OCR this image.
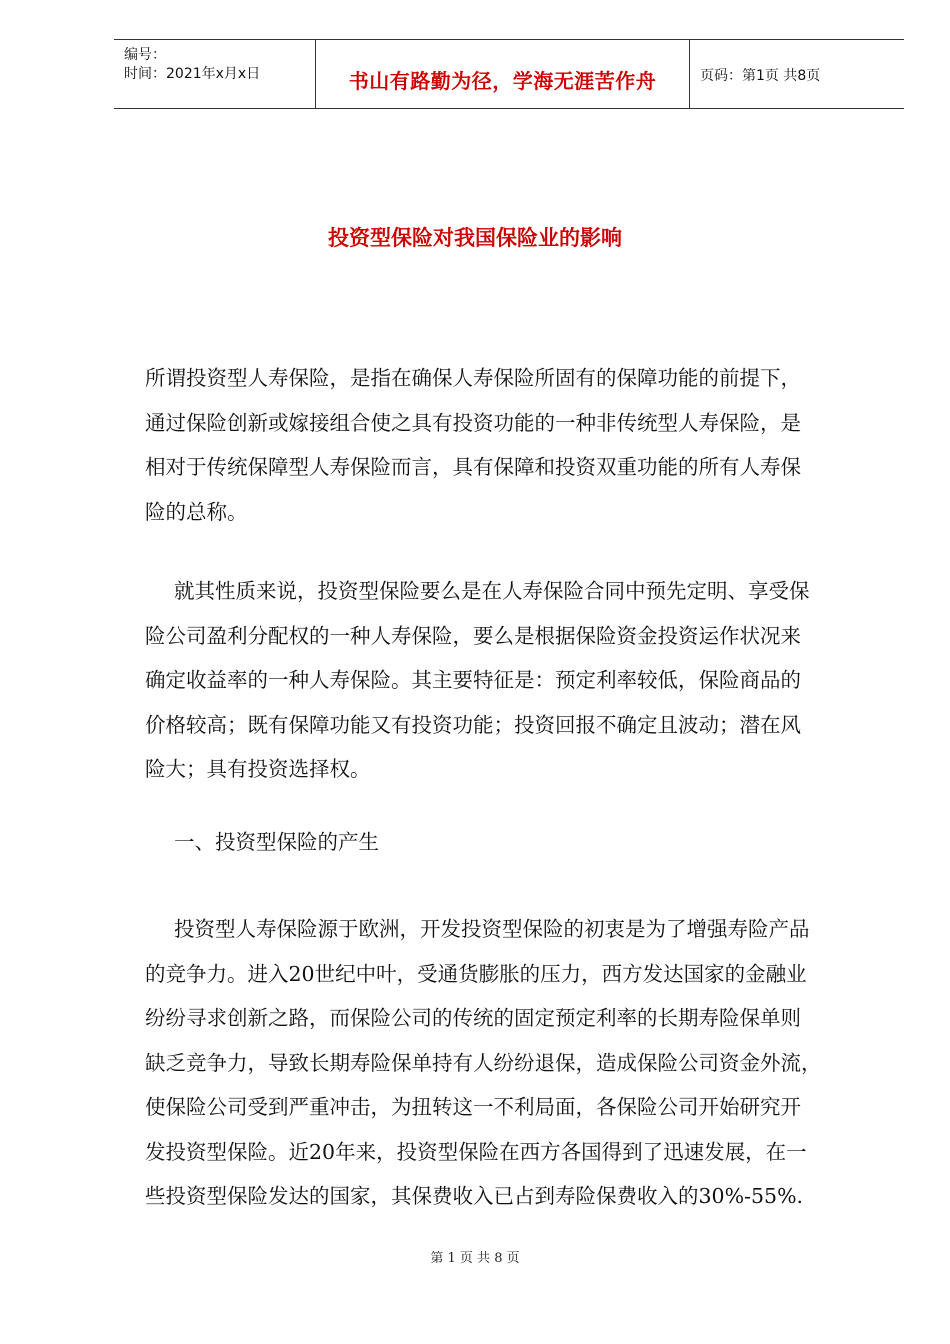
编号：
时间：2021年x月x日	书山有路勤为径，学海无涯苦作舟	页码：第1页 共8页
投资型保险对我国保险业的影响
所谓投资型人寿保险，是指在确保人寿保险所固有的保障功能的前提下，
通过保险创新或嫁接组合使之具有投资功能的一种非传统型人寿保险，是
相对于传统保障型人寿保险而言，具有保障和投资双重功能的所有人寿保
险的总称。
就其性质来说，投资型保险要么是在人寿保险合同中预先定明、享受保
险公司盈利分配权的一种人寿保险，要么是根据保险资金投资运作状况来
确定收益率的一种人寿保险。其主要特征是：预定利率较低，保险商品的
价格较高；既有保障功能又有投资功能；投资回报不确定且波动；潜在风
险大；具有投资选择权。
一、投资型保险的产生
投资型人寿保险源于欧洲，开发投资型保险的初衷是为了增强寿险产品
的竞争力。进入20世纪中叶，受通货膨胀的压力，西方发达国家的金融业
纷纷寻求创新之路，而保险公司的传统的固定预定利率的长期寿险保单则
缺乏竞争力，导致长期寿险保单持有人纷纷退保，造成保险公司资金外流，
使保险公司受到严重冲击，为扭转这一不利局面，各保险公司开始研究开
发投资型保险。近20年来，投资型保险在西方各国得到了迅速发展，在一
些投资型保险发达的国家，其保费收入已占到寿险保费收入的30%-55%.
第 1 页 共 8 页
